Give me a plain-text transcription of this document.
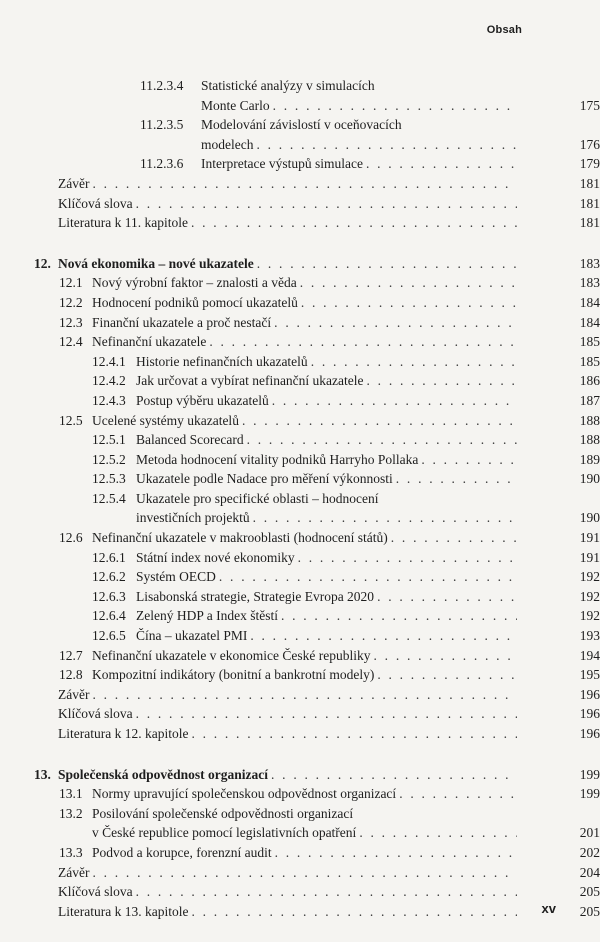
Obsah
11.2.3.4 Statistické analýzy v simulacích
Monte Carlo . . .	175
11.2.3.5 Modelování závislostí v oceňovacích
modelech . . .	176
11.2.3.6 Interpretace výstupů simulace . . .	179
Závěr . . .	181
Klíčová slova . . .	181
Literatura k 11. kapitole . . .	181
12. Nová ekonomika – nové ukazatele . . .	183
12.1 Nový výrobní faktor – znalosti a věda . . .	183
12.2 Hodnocení podniků pomocí ukazatelů . . .	184
12.3 Finanční ukazatele a proč nestačí . . .	184
12.4 Nefinanční ukazatele . . .	185
12.4.1 Historie nefinančních ukazatelů . . .	185
12.4.2 Jak určovat a vybírat nefinanční ukazatele . . .	186
12.4.3 Postup výběru ukazatelů . . .	187
12.5 Ucelené systémy ukazatelů . . .	188
12.5.1 Balanced Scorecard . . .	188
12.5.2 Metoda hodnocení vitality podniků Harryho Pollaka . . .	189
12.5.3 Ukazatele podle Nadace pro měření výkonnosti . . .	190
12.5.4 Ukazatele pro specifické oblasti – hodnocení
investičních projektů . . .	190
12.6 Nefinanční ukazatele v makrooblasti (hodnocení států) . . .	191
12.6.1 Státní index nové ekonomiky . . .	191
12.6.2 Systém OECD . . .	192
12.6.3 Lisabonská strategie, Strategie Evropa 2020 . . .	192
12.6.4 Zelený HDP a Index štěstí . . .	192
12.6.5 Čína – ukazatel PMI . . .	193
12.7 Nefinanční ukazatele v ekonomice České republiky . . .	194
12.8 Kompozitní indikátory (bonitní a bankrotní modely) . . .	195
Závěr . . .	196
Klíčová slova . . .	196
Literatura k 12. kapitole . . .	196
13. Společenská odpovědnost organizací . . .	199
13.1 Normy upravující společenskou odpovědnost organizací . . .	199
13.2 Posilování společenské odpovědnosti organizací
v České republice pomocí legislativních opatření . . .	201
13.3 Podvod a korupce, forenzní audit . . .	202
Závěr . . .	204
Klíčová slova . . .	205
Literatura k 13. kapitole . . .	205
xv
